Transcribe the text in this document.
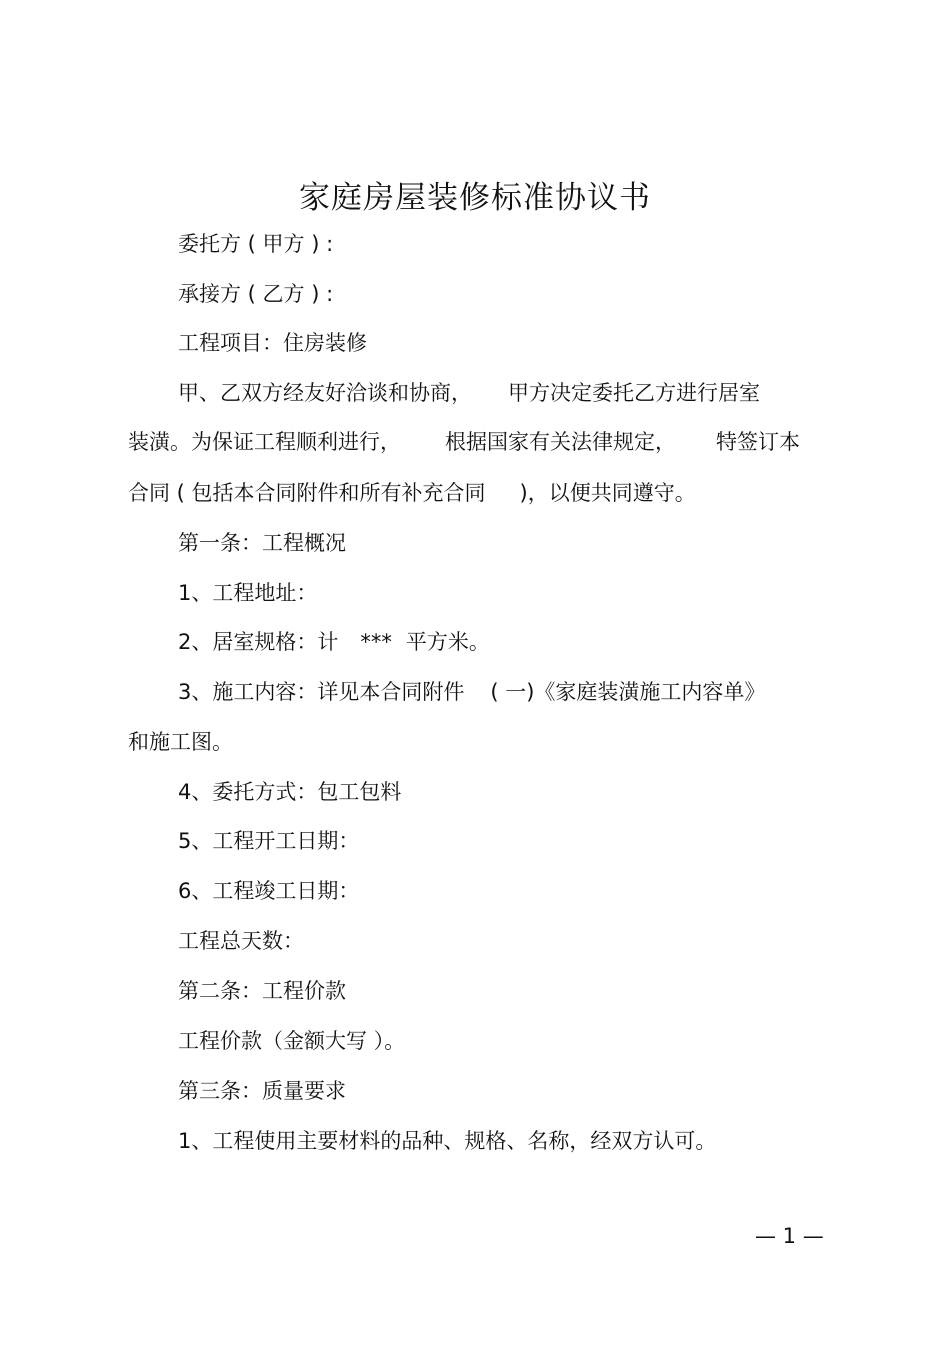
家庭房屋装修标准协议书
委托方 ( 甲方 ) :
承接方 ( 乙方 ) :
工程项目：住房装修
甲、乙双方经友好洽谈和协商， 甲方决定委托乙方进行居室
装潢。为保证工程顺利进行， 根据国家有关法律规定， 特签订本
合同 ( 包括本合同附件和所有补充合同 )，以便共同遵守。
第一条：工程概况
1、工程地址：
2、居室规格：计 *** 平方米。
3、施工内容：详见本合同附件 ( 一)《家庭装潢施工内容单》
和施工图。
4、委托方式：包工包料
5、工程开工日期：
6、工程竣工日期：
工程总天数：
第二条：工程价款
工程价款（金额大写 ）。
第三条：质量要求
1、工程使用主要材料的品种、规格、名称，经双方认可。
— 1 —
